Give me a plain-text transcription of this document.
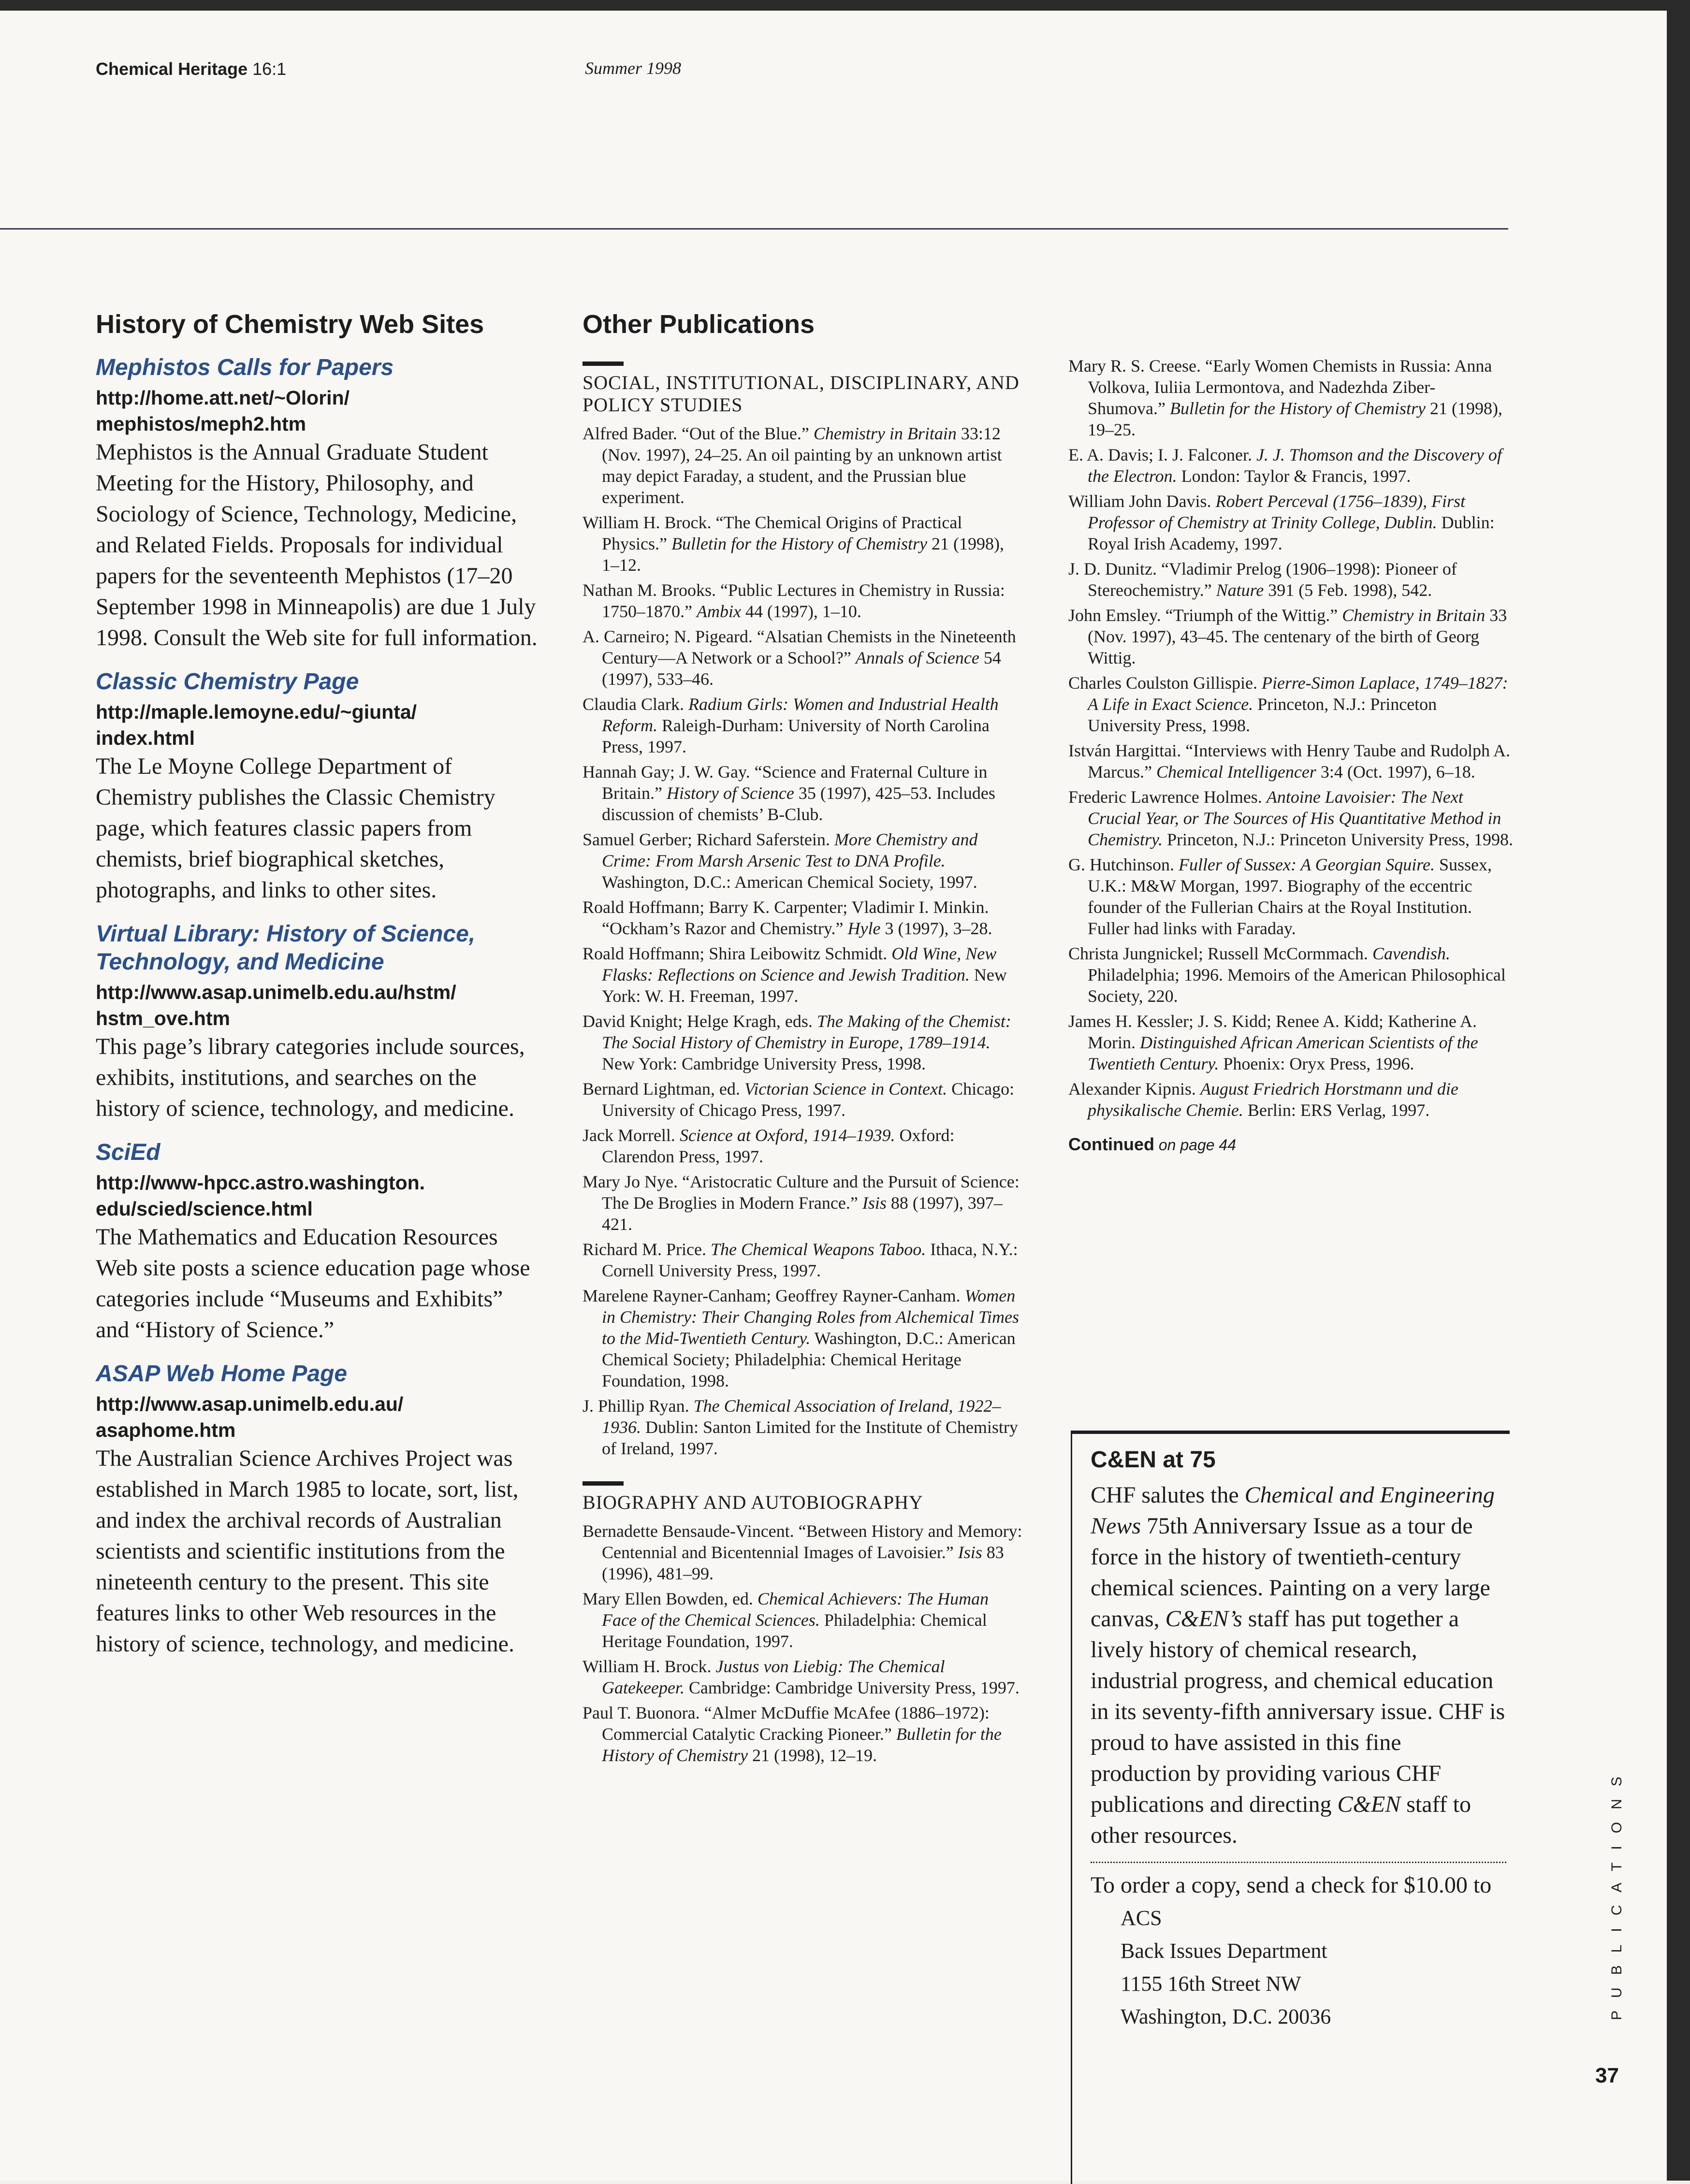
Chemical Heritage 16:1	Summer 1998
History of Chemistry Web Sites
Mephistos Calls for Papers
http://home.att.net/~Olorin/
mephistos/meph2.htm

Mephistos is the Annual Graduate Student Meeting for the History, Philosophy, and Sociology of Science, Technology, Medicine, and Related Fields. Proposals for individual papers for the seventeenth Mephistos (17–20 September 1998 in Minneapolis) are due 1 July 1998. Consult the Web site for full information.

Classic Chemistry Page
http://maple.lemoyne.edu/~giunta/
index.html

The Le Moyne College Department of Chemistry publishes the Classic Chemistry page, which features classic papers from chemists, brief biographical sketches, photographs, and links to other sites.

Virtual Library: History of Science, Technology, and Medicine
http://www.asap.unimelb.edu.au/hstm/
hstm_ove.htm

This page’s library categories include sources, exhibits, institutions, and searches on the history of science, technology, and medicine.

SciEd
http://www-hpcc.astro.washington.
edu/scied/science.html

The Mathematics and Education Resources Web site posts a science education page whose categories include “Museums and Exhibits” and “History of Science.”

ASAP Web Home Page
http://www.asap.unimelb.edu.au/
asaphome.htm

The Australian Science Archives Project was established in March 1985 to locate, sort, list, and index the archival records of Australian scientists and scientific institutions from the nineteenth century to the present. This site features links to other Web resources in the history of science, technology, and medicine.

Other Publications
SOCIAL, INSTITUTIONAL, DISCIPLINARY, AND POLICY STUDIES

Alfred Bader. “Out of the Blue.” Chemistry in Britain 33:12 (Nov. 1997), 24–25. An oil painting by an unknown artist may depict Faraday, a student, and the Prussian blue experiment.

William H. Brock. “The Chemical Origins of Practical Physics.” Bulletin for the History of Chemistry 21 (1998), 1–12.

Nathan M. Brooks. “Public Lectures in Chemistry in Russia: 1750–1870.” Ambix 44 (1997), 1–10.

A. Carneiro; N. Pigeard. “Alsatian Chemists in the Nineteenth Century—A Network or a School?” Annals of Science 54 (1997), 533–46.

Claudia Clark. Radium Girls: Women and Industrial Health Reform. Raleigh-Durham: University of North Carolina Press, 1997.

Hannah Gay; J. W. Gay. “Science and Fraternal Culture in Britain.” History of Science 35 (1997), 425–53. Includes discussion of chemists’ B-Club.

Samuel Gerber; Richard Saferstein. More Chemistry and Crime: From Marsh Arsenic Test to DNA Profile. Washington, D.C.: American Chemical Society, 1997.

Roald Hoffmann; Barry K. Carpenter; Vladimir I. Minkin. “Ockham’s Razor and Chemistry.” Hyle 3 (1997), 3–28.

Roald Hoffmann; Shira Leibowitz Schmidt. Old Wine, New Flasks: Reflections on Science and Jewish Tradition. New York: W. H. Freeman, 1997.

David Knight; Helge Kragh, eds. The Making of the Chemist: The Social History of Chemistry in Europe, 1789–1914. New York: Cambridge University Press, 1998.

Bernard Lightman, ed. Victorian Science in Context. Chicago: University of Chicago Press, 1997.

Jack Morrell. Science at Oxford, 1914–1939. Oxford: Clarendon Press, 1997.

Mary Jo Nye. “Aristocratic Culture and the Pursuit of Science: The De Broglies in Modern France.” Isis 88 (1997), 397–421.

Richard M. Price. The Chemical Weapons Taboo. Ithaca, N.Y.: Cornell University Press, 1997.

Marelene Rayner-Canham; Geoffrey Rayner-Canham. Women in Chemistry: Their Changing Roles from Alchemical Times to the Mid-Twentieth Century. Washington, D.C.: American Chemical Society; Philadelphia: Chemical Heritage Foundation, 1998.

J. Phillip Ryan. The Chemical Association of Ireland, 1922–1936. Dublin: Santon Limited for the Institute of Chemistry of Ireland, 1997.

BIOGRAPHY AND AUTOBIOGRAPHY

Bernadette Bensaude-Vincent. “Between History and Memory: Centennial and Bicentennial Images of Lavoisier.” Isis 83 (1996), 481–99.

Mary Ellen Bowden, ed. Chemical Achievers: The Human Face of the Chemical Sciences. Philadelphia: Chemical Heritage Foundation, 1997.

William H. Brock. Justus von Liebig: The Chemical Gatekeeper. Cambridge: Cambridge University Press, 1997.

Paul T. Buonora. “Almer McDuffie McAfee (1886–1972): Commercial Catalytic Cracking Pioneer.” Bulletin for the History of Chemistry 21 (1998), 12–19.

Mary R. S. Creese. “Early Women Chemists in Russia: Anna Volkova, Iuliia Lermontova, and Nadezhda Ziber-Shumova.” Bulletin for the History of Chemistry 21 (1998), 19–25.

E. A. Davis; I. J. Falconer. J. J. Thomson and the Discovery of the Electron. London: Taylor & Francis, 1997.

William John Davis. Robert Perceval (1756–1839), First Professor of Chemistry at Trinity College, Dublin. Dublin: Royal Irish Academy, 1997.

J. D. Dunitz. “Vladimir Prelog (1906–1998): Pioneer of Stereochemistry.” Nature 391 (5 Feb. 1998), 542.

John Emsley. “Triumph of the Wittig.” Chemistry in Britain 33 (Nov. 1997), 43–45. The centenary of the birth of Georg Wittig.

Charles Coulston Gillispie. Pierre-Simon Laplace, 1749–1827: A Life in Exact Science. Princeton, N.J.: Princeton University Press, 1998.

István Hargittai. “Interviews with Henry Taube and Rudolph A. Marcus.” Chemical Intelligencer 3:4 (Oct. 1997), 6–18.

Frederic Lawrence Holmes. Antoine Lavoisier: The Next Crucial Year, or The Sources of His Quantitative Method in Chemistry. Princeton, N.J.: Princeton University Press, 1998.

G. Hutchinson. Fuller of Sussex: A Georgian Squire. Sussex, U.K.: M&W Morgan, 1997. Biography of the eccentric founder of the Fullerian Chairs at the Royal Institution. Fuller had links with Faraday.

Christa Jungnickel; Russell McCormmach. Cavendish. Philadelphia; 1996. Memoirs of the American Philosophical Society, 220.

James H. Kessler; J. S. Kidd; Renee A. Kidd; Katherine A. Morin. Distinguished African American Scientists of the Twentieth Century. Phoenix: Oryx Press, 1996.

Alexander Kipnis. August Friedrich Horstmann und die physikalische Chemie. Berlin: ERS Verlag, 1997.

Continued on page 44
C&EN at 75

CHF salutes the Chemical and Engineering News 75th Anniversary Issue as a tour de force in the history of twentieth-century chemical sciences. Painting on a very large canvas, C&EN’s staff has put together a lively history of chemical research, industrial progress, and chemical education in its seventy-fifth anniversary issue. CHF is proud to have assisted in this fine production by providing various CHF publications and directing C&EN staff to other resources.

To order a copy, send a check for $10.00 to
ACS
Back Issues Department
1155 16th Street NW
Washington, D.C. 20036	PUBLICATIONS
37
